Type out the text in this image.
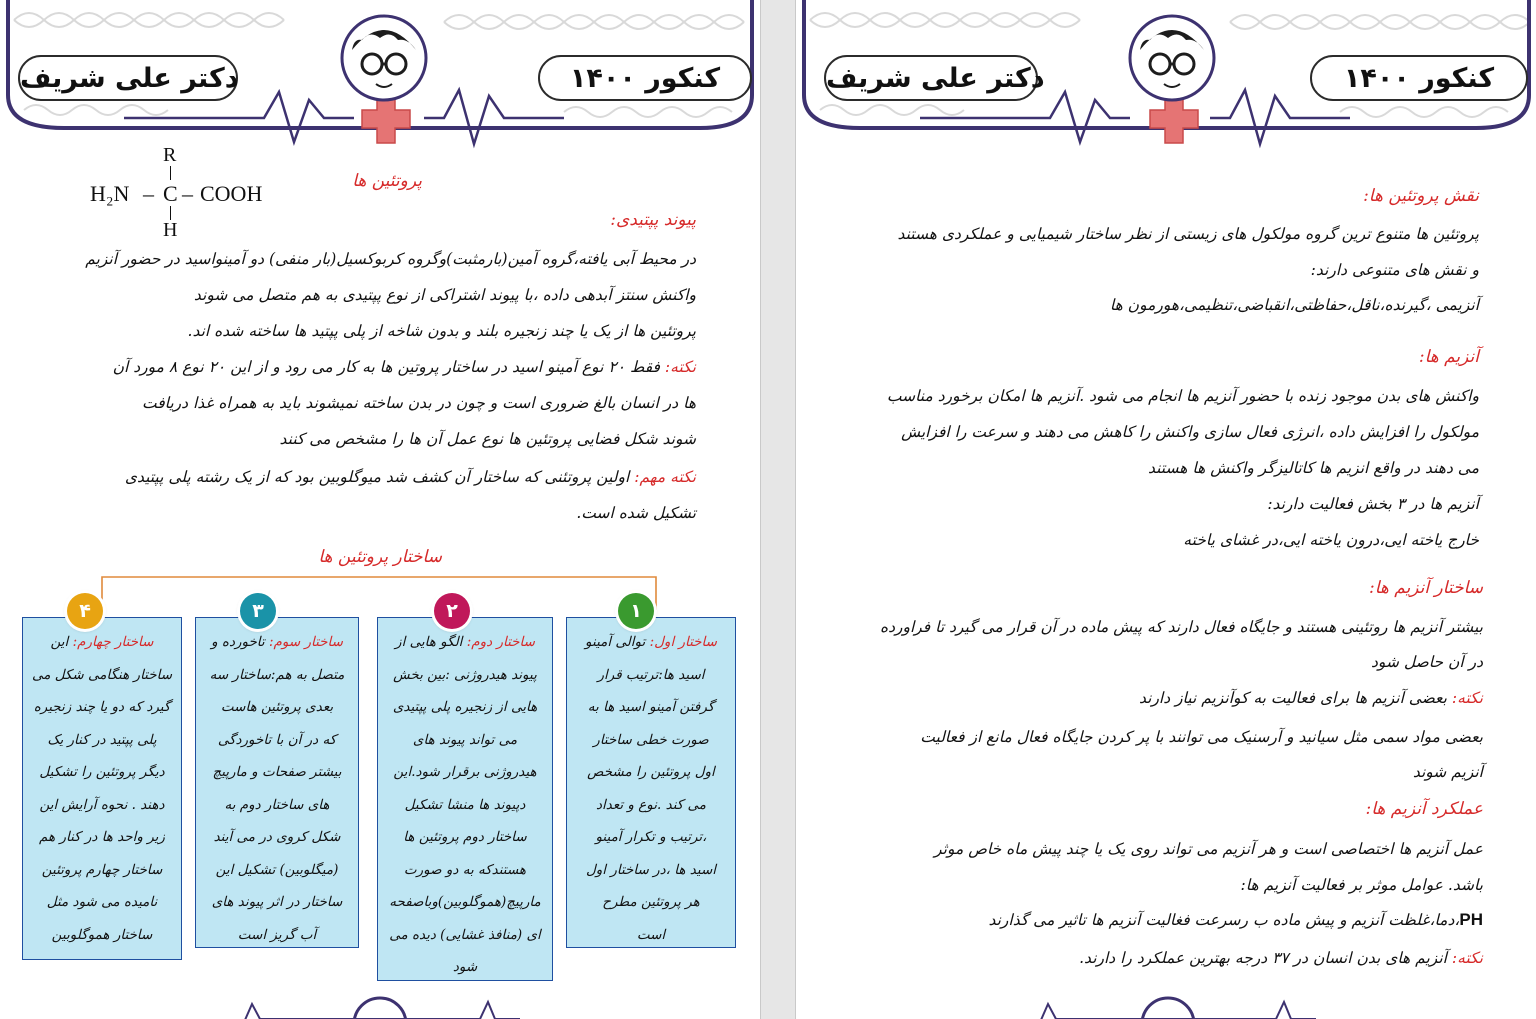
دکتر علی شریف	کنکور ۱۴۰۰
R
H₂N – C – COOH
H
پروتئین ها
پیوند پپتیدی:
در محیط آبی یافته،گروه آمین(بارمثبت)وگروه کربوکسیل(بار منفی) دو آمینواسید در حضور آنزیم
واکنش سنتز آبدهی داده ،با پیوند اشتراکی از نوع پپتیدی به هم متصل می شوند
پروتئین ها از یک یا چند زنجیره بلند و بدون شاخه از پلی پپتید ها ساخته شده اند.
نکته: فقط ۲۰ نوع آمینو اسید در ساختار پروتین ها به کار می رود و از این ۲۰ نوع ۸ مورد آن
ها در انسان بالغ ضروری است و چون در بدن ساخته نمیشوند باید به همراه غذا دریافت
شوند شکل فضایی پروتئین ها نوع عمل آن ها را مشخص می کنند
نکته مهم: اولین پروتئنی که ساختار آن کشف شد میوگلوبین بود که از یک رشته پلی پپتیدی
تشکیل شده است.
ساختار پروتئین ها
ساختار اول: توالی آمینو
اسید ها:ترتیب قرار
گرفتن آمینو اسید ها به
صورت خطی ساختار
اول پروتئین را مشخص
می کند .نوع و تعداد
،ترتیب و تکرار آمینو
اسید ها ،در ساختار اول
هر پروتئین مطرح
است
۱
ساختار دوم: الگو هایی از
پیوند هیدروژنی :بین بخش
هایی از زنجیره پلی پپتیدی
می تواند پیوند های
هیدروژنی برقرار شود.این
دپیوند ها منشا تشکیل
ساختار دوم پروتئین ها
هستندکه به دو صورت
مارپیچ(هموگلوبین)وباصفحه
ای (منافذ غشایی) دیده می
شود
۲
ساختار سوم: تاخورده و
متصل به هم:ساختار سه
بعدی پروتئین هاست
که در آن با تاخوردگی
بیشتر صفحات و مارپیچ
های ساختار دوم به
شکل کروی در می آیند
(میگلوبین) تشکیل این
ساختار در اثر پیوند های
آب گریز است
۳
ساختار چهارم: این
ساختار هنگامی شکل می
گیرد که دو یا چند زنجیره
پلی پپتید در کنار یک
دیگر پروتئین را تشکیل
دهند . نحوه آرایش این
زیر واحد ها در کنار هم
ساختار چهارم پروتئین
نامیده می شود مثل
ساختار هموگلوبین
۴
دکتر علی شریف	کنکور ۱۴۰۰
نقش پروتئین ها:
پروتئین ها متنوع ترین گروه مولکول های زیستی از نظر ساختار شیمیایی و عملکردی هستند
و نقش های متنوعی دارند:
آنزیمی ،گیرنده،ناقل،حفاظتی،انقباضی،تنظیمی،هورمون ها
آنزیم ها:
واکنش های بدن موجود زنده با حضور آنزیم ها انجام می شود .آنزیم ها امکان برخورد مناسب
مولکول را افزایش داده ،انرژی فعال سازی واکنش را کاهش می دهند و سرعت را افزایش
می دهند در واقع انزیم ها کاتالیزگر واکنش ها هستند
آنزیم ها در ۳ بخش فعالیت دارند:
خارج یاخته ایی،درون یاخته ایی،در غشای یاخته
ساختار آنزیم ها:
بیشتر آنزیم ها روتئینی هستند و جایگاه فعال دارند که پیش ماده در آن قرار می گیرد تا فراورده
در آن حاصل شود
نکته: بعضی آنزیم ها برای فعالیت به کوآنزیم نیاز دارند
بعضی مواد سمی مثل سیانید و آرسنیک می توانند با پر کردن جایگاه فعال مانع از فعالیت
آنزیم شوند
عملکرد آنزیم ها:
عمل آنزیم ها اختصاصی است و هر آنزیم می تواند روی یک یا چند پیش ماه خاص موثر
باشد. عوامل موثر بر فعالیت آنزیم ها:
PH،دما،غلظت آنزیم و پیش ماده ب رسرعت فغالیت آنزیم ها تاثیر می گذارند
نکته: آنزیم های بدن انسان در ۳۷ درجه بهترین عملکرد را دارند.
